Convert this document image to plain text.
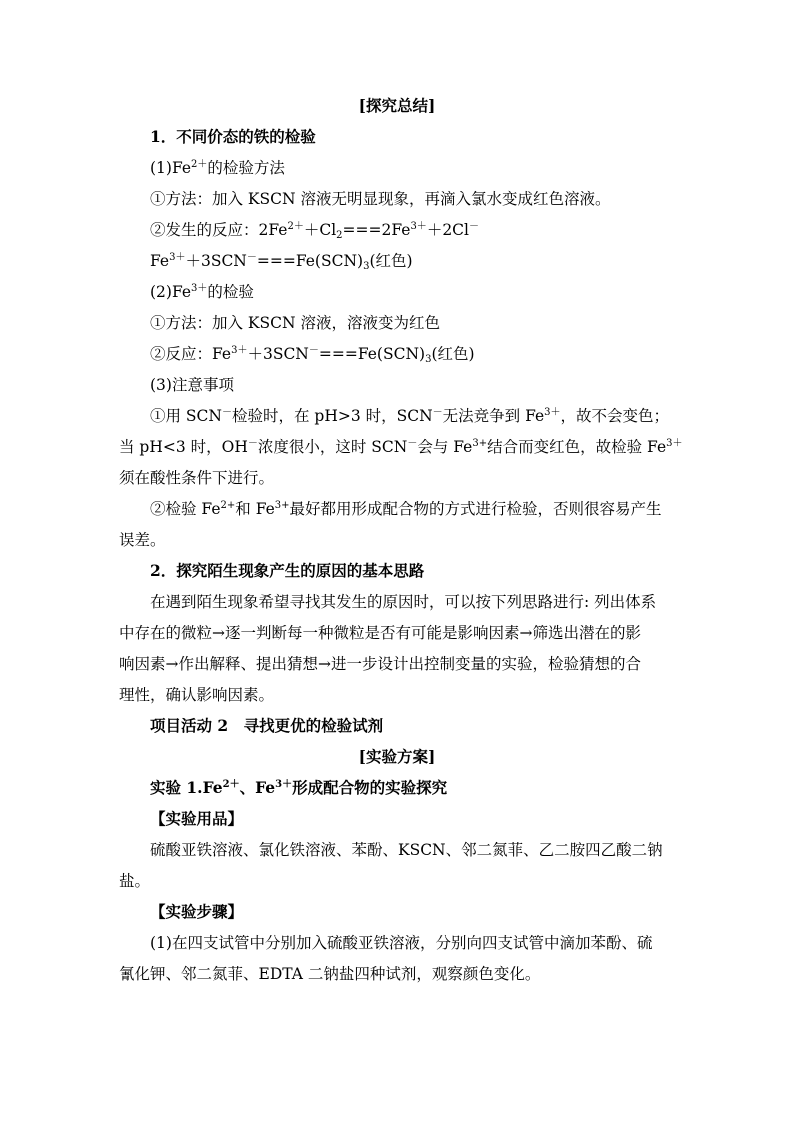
[探究总结]
1．不同价态的铁的检验
$(1)Fe^{2+}$的检验方法
①方法：加入 KSCN 溶液无明显现象，再滴入氯水变成红色溶液。
②发生的反应：$2Fe^{2+}+Cl_2===2Fe^{3+}+2Cl^-$
$Fe^{3+}+3SCN^-===Fe(SCN)_3$(红色)
$(2)Fe^{3+}$的检验
①方法：加入 KSCN 溶液，溶液变为红色
②反应：$Fe^{3+}+3SCN^-===Fe(SCN)_3$(红色)
(3)注意事项
①用 SCN－检验时，在 pH>3 时，SCN－无法竞争到 $Fe^{3+}$，故不会变色；
当 pH<3 时，OH－浓度很小，这时 SCN－会与 $Fe^{3+}$结合而变红色，故检验 $Fe^{3+}$
须在酸性条件下进行。
②检验 $Fe^{2+}$和 $Fe^{3+}$最好都用形成配合物的方式进行检验，否则很容易产生
误差。
2．探究陌生现象产生的原因的基本思路
在遇到陌生现象希望寻找其发生的原因时，可以按下列思路进行: 列出体系
中存在的微粒→逐一判断每一种微粒是否有可能是影响因素→筛选出潜在的影
响因素→作出解释、提出猜想→进一步设计出控制变量的实验，检验猜想的合
理性，确认影响因素。
项目活动 2　寻找更优的检验试剂
[实验方案]
实验 $1.Fe^{2+}$、$Fe^{3+}$形成配合物的实验探究
【实验用品】
硫酸亚铁溶液、氯化铁溶液、苯酚、KSCN、邻二氮菲、乙二胺四乙酸二钠
盐。
【实验步骤】
(1)在四支试管中分别加入硫酸亚铁溶液，分别向四支试管中滴加苯酚、硫
氰化钾、邻二氮菲、EDTA 二钠盐四种试剂，观察颜色变化。
